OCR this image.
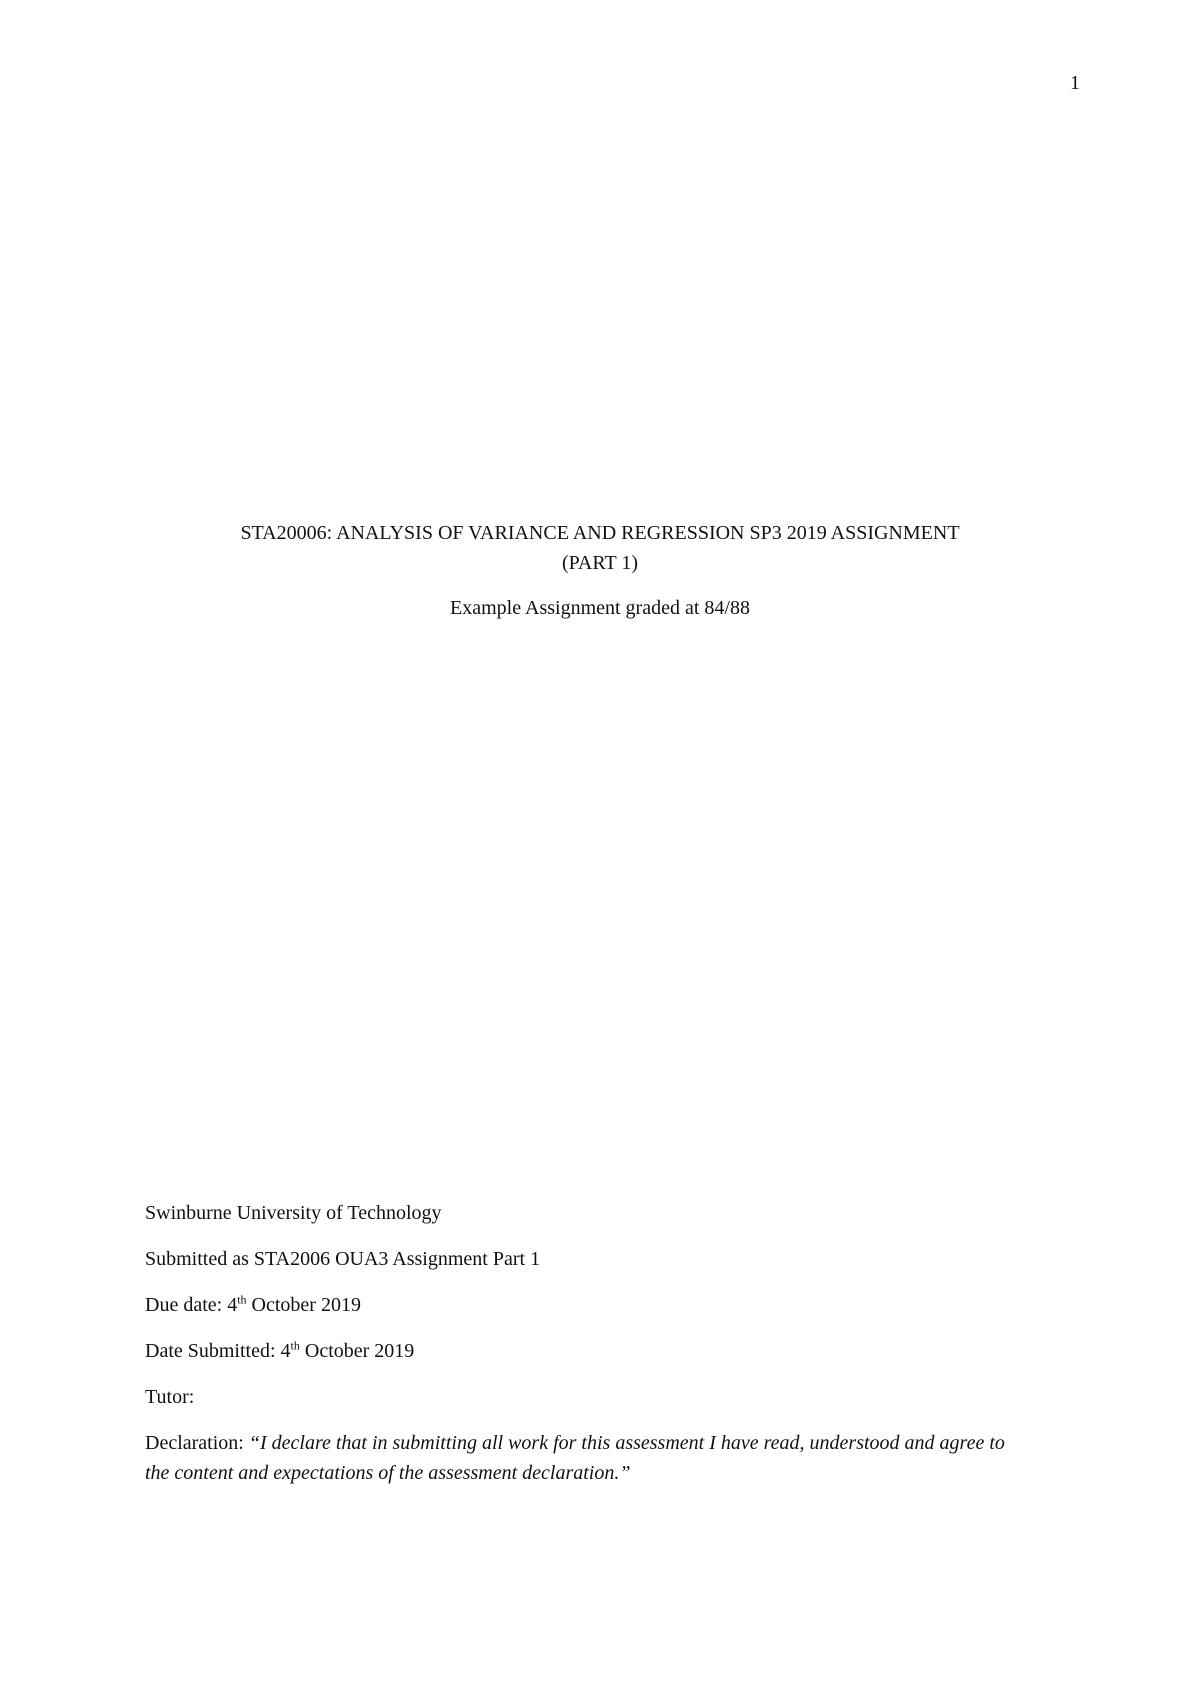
1
STA20006: ANALYSIS OF VARIANCE AND REGRESSION SP3 2019 ASSIGNMENT
(PART 1)
Example Assignment graded at 84/88
Swinburne University of Technology
Submitted as STA2006 OUA3 Assignment Part 1
Due date: 4th October 2019
Date Submitted: 4th October 2019
Tutor:
Declaration: “I declare that in submitting all work for this assessment I have read, understood and agree to the content and expectations of the assessment declaration.”
